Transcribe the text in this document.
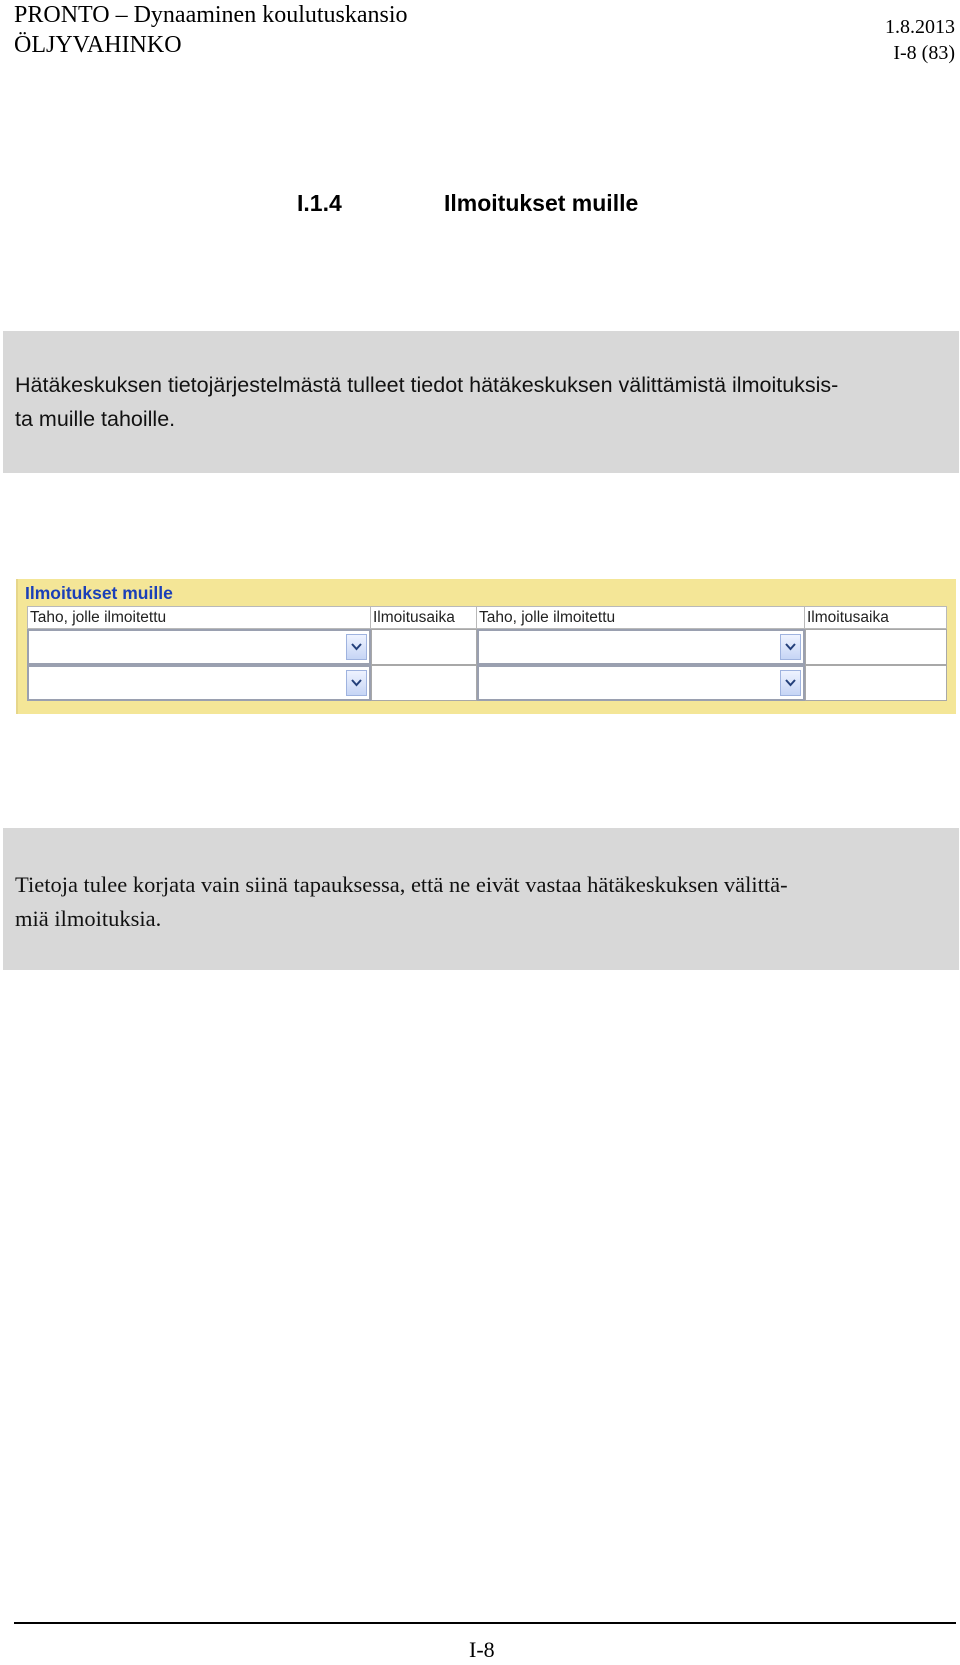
PRONTO – Dynaaminen koulutuskansio
ÖLJYVAHINKO
1.8.2013
I-8 (83)
I.1.4	Ilmoitukset muille
Hätäkeskuksen tietojärjestelmästä tulleet tiedot hätäkeskuksen välittämistä ilmoituksis-
ta muille tahoille.
Ilmoitukset muille
Taho, jolle ilmoitettu	Ilmoitusaika	Taho, jolle ilmoitettu	Ilmoitusaika
Tietoja tulee korjata vain siinä tapauksessa, että ne eivät vastaa hätäkeskuksen välittä-
miä ilmoituksia.
I-8
